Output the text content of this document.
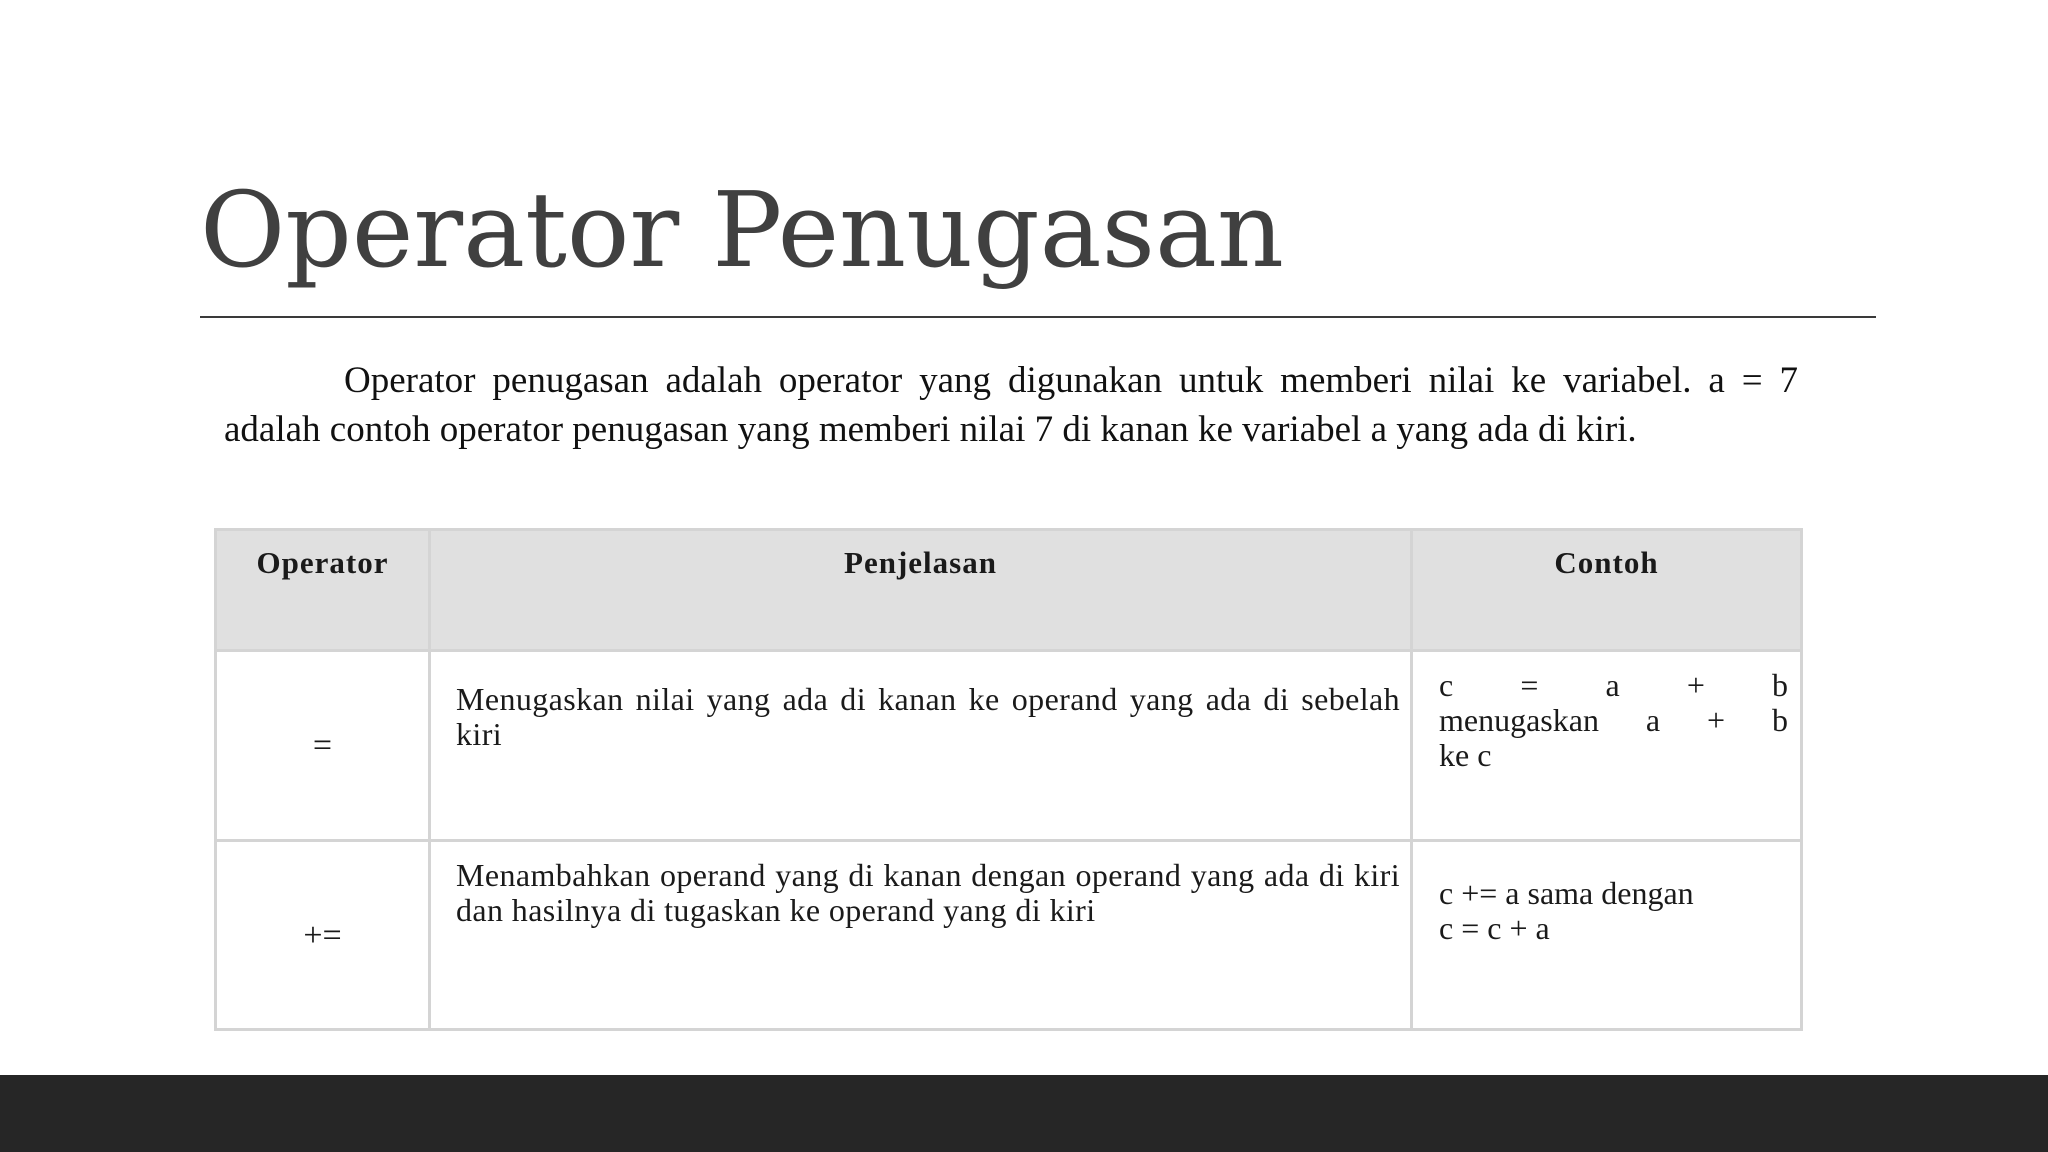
Operator Penugasan

Operator penugasan adalah operator yang digunakan untuk memberi nilai ke variabel. a = 7 adalah contoh operator penugasan yang memberi nilai 7 di kanan ke variabel a yang ada di kiri.

Operator	Penjelasan	Contoh
=	Menugaskan nilai yang ada di kanan ke operand yang ada di sebelah kiri	c = a + b
menugaskan a + b
ke c

+=	Menambahkan operand yang di kanan dengan operand yang ada di kiri dan hasilnya di tugaskan ke operand yang di kiri	c += a sama dengan
c = c + a
